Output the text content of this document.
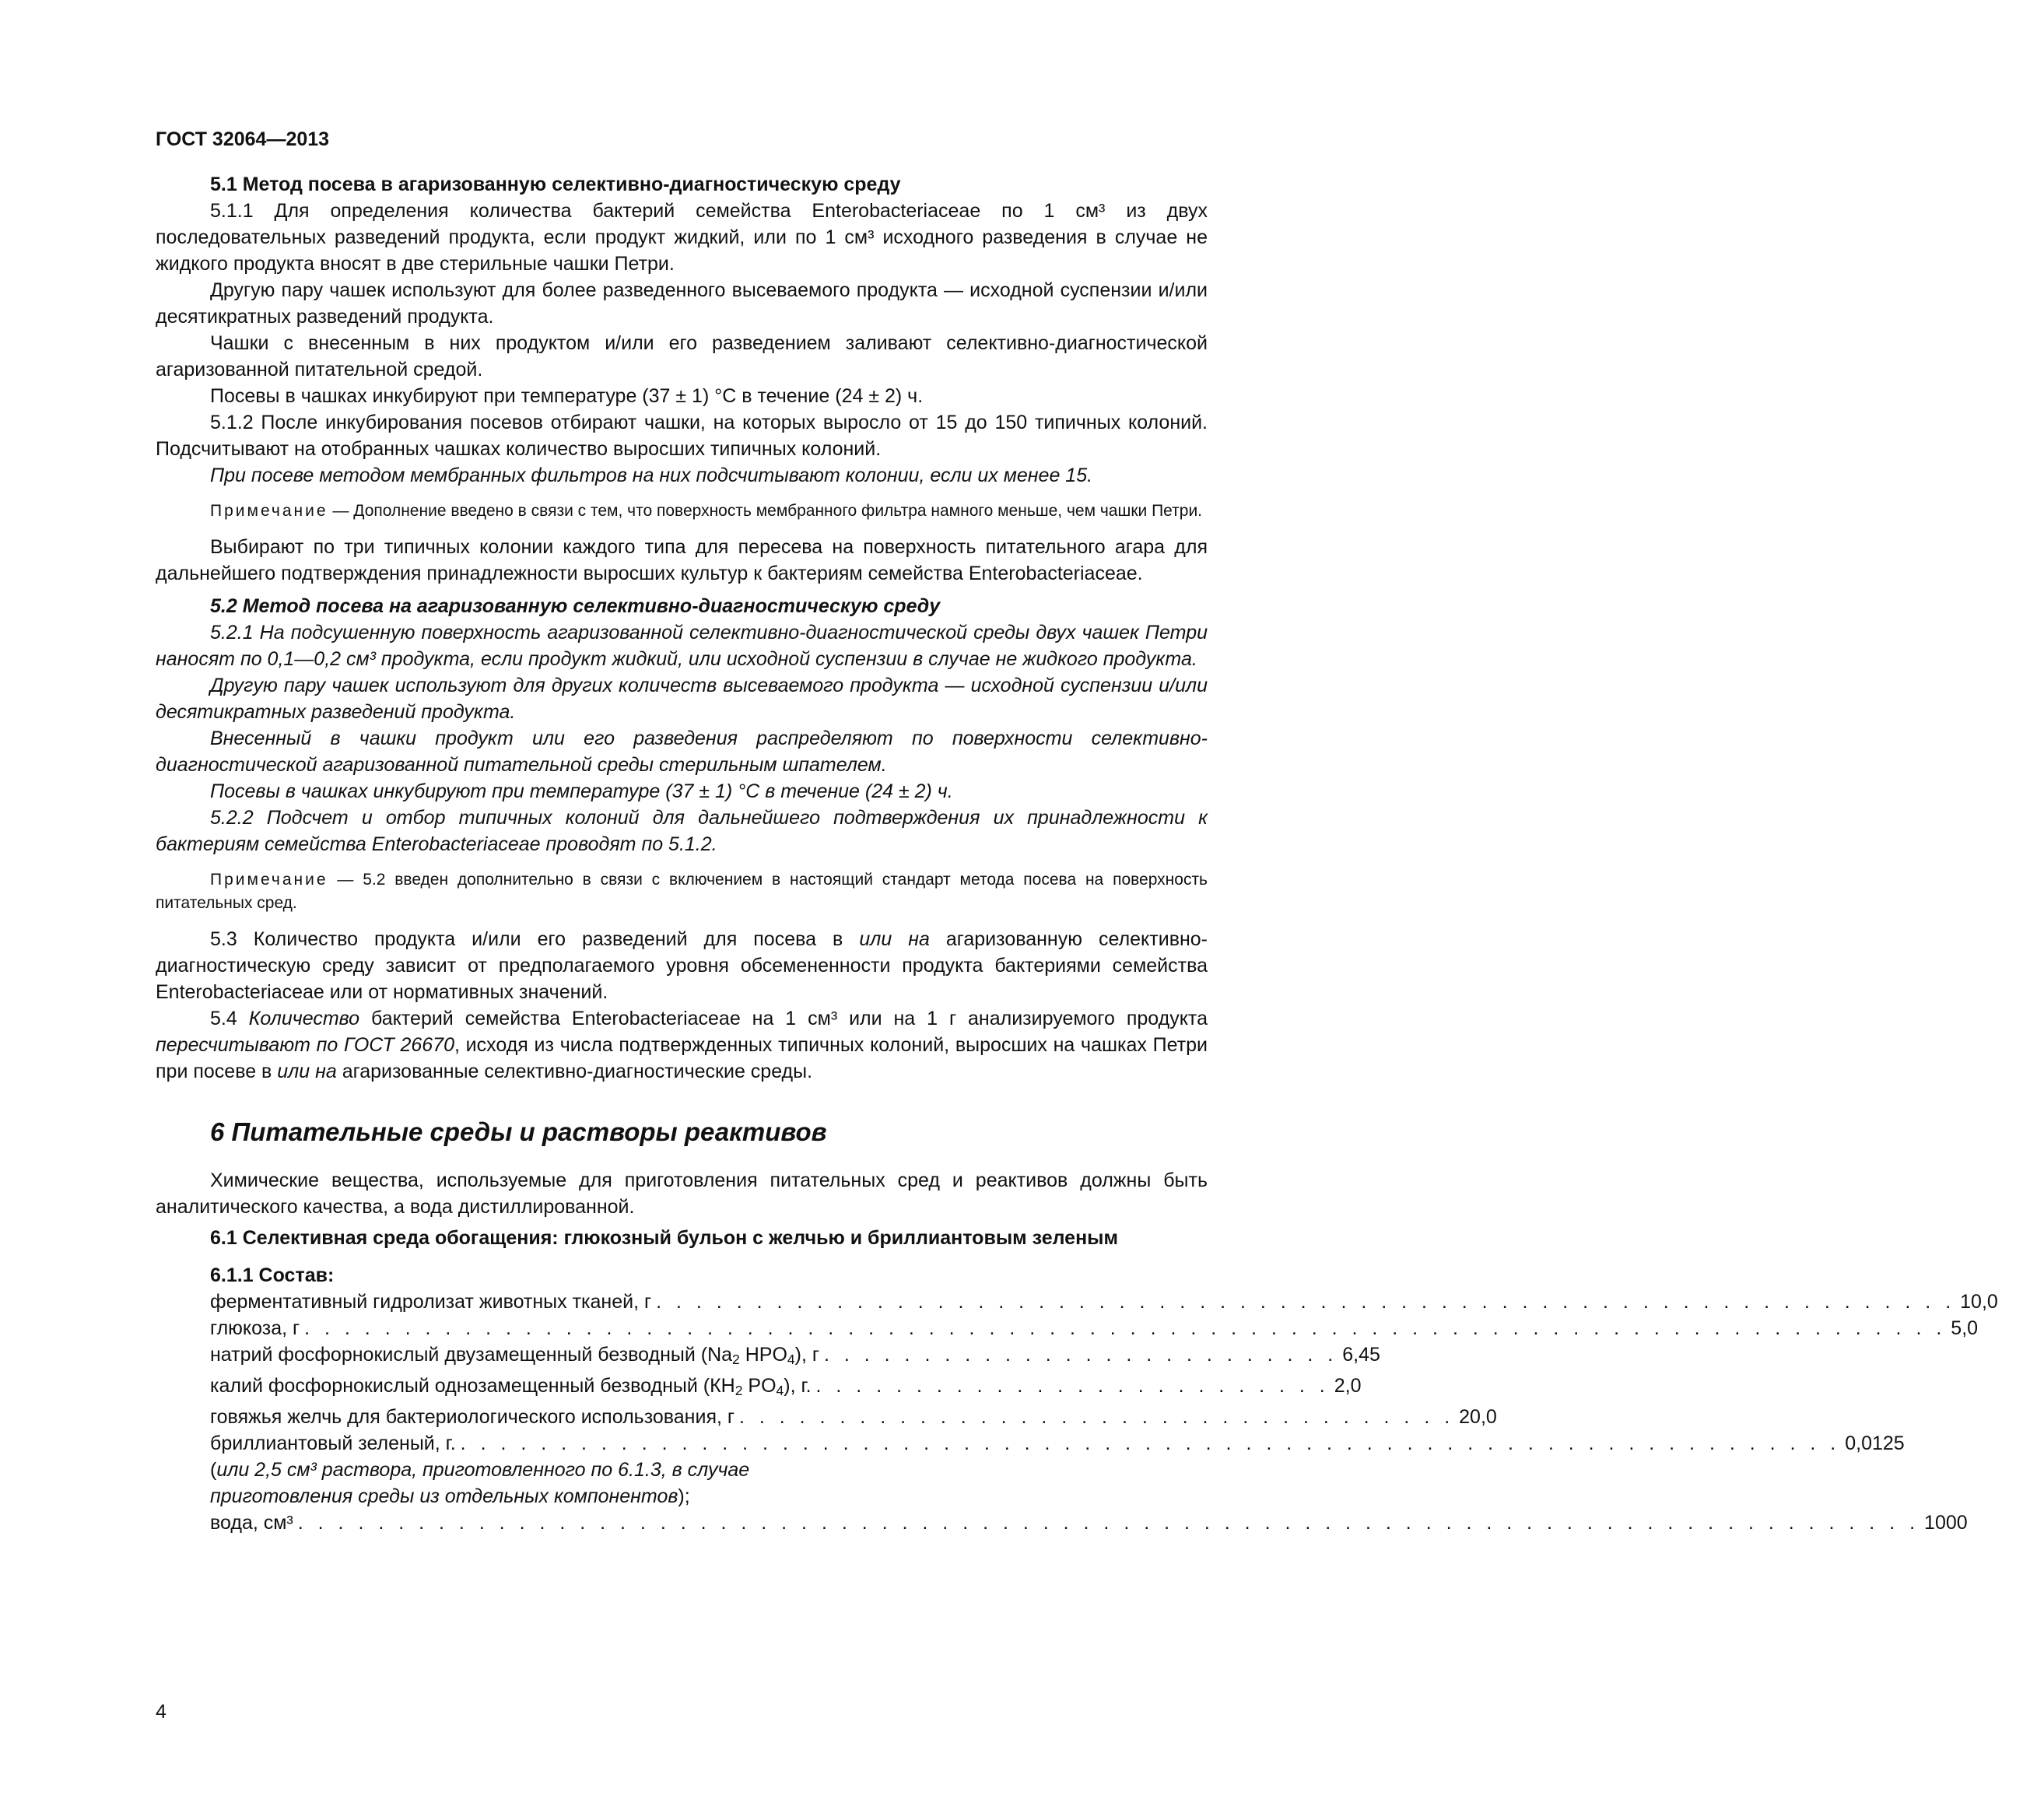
ГОСТ 32064—2013

5.1 Метод посева в агаризованную селективно-диагностическую среду

5.1.1 Для определения количества бактерий семейства Enterobacteriaceae по 1 см³ из двух последовательных разведений продукта, если продукт жидкий, или по 1 см³ исходного разведения в случае не жидкого продукта вносят в две стерильные чашки Петри.

Другую пару чашек используют для более разведенного высеваемого продукта — исходной суспензии и/или десятикратных разведений продукта.

Чашки с внесенным в них продуктом и/или его разведением заливают селективно-диагностической агаризованной питательной средой.

Посевы в чашках инкубируют при температуре (37 ± 1) °С в течение (24 ± 2) ч.

5.1.2 После инкубирования посевов отбирают чашки, на которых выросло от 15 до 150 типичных колоний. Подсчитывают на отобранных чашках количество выросших типичных колоний.

При посеве методом мембранных фильтров на них подсчитывают колонии, если их менее 15.

Примечание — Дополнение введено в связи с тем, что поверхность мембранного фильтра намного меньше, чем чашки Петри.

Выбирают по три типичных колонии каждого типа для пересева на поверхность питательного агара для дальнейшего подтверждения принадлежности выросших культур к бактериям семейства Enterobacteriaceae.

5.2 Метод посева на агаризованную селективно-диагностическую среду

5.2.1 На подсушенную поверхность агаризованной селективно-диагностической среды двух чашек Петри наносят по 0,1—0,2 см³ продукта, если продукт жидкий, или исходной суспензии в случае не жидкого продукта.

Другую пару чашек используют для других количеств высеваемого продукта — исходной суспензии и/или десятикратных разведений продукта.

Внесенный в чашки продукт или его разведения распределяют по поверхности селективно-диагностической агаризованной питательной среды стерильным шпателем.

Посевы в чашках инкубируют при температуре (37 ± 1) °С в течение (24 ± 2) ч.

5.2.2 Подсчет и отбор типичных колоний для дальнейшего подтверждения их принадлежности к бактериям семейства Enterobacteriaceae проводят по 5.1.2.

Примечание — 5.2 введен дополнительно в связи с включением в настоящий стандарт метода посева на поверхность питательных сред.

5.3 Количество продукта и/или его разведений для посева в или на агаризованную селективно-диагностическую среду зависит от предполагаемого уровня обсемененности продукта бактериями семейства Enterobacteriaceae или от нормативных значений.

5.4 Количество бактерий семейства Enterobacteriaceae на 1 см³ или на 1 г анализируемого продукта пересчитывают по ГОСТ 26670, исходя из числа подтвержденных типичных колоний, выросших на чашках Петри при посеве в или на агаризованные селективно-диагностические среды.

6 Питательные среды и растворы реактивов

Химические вещества, используемые для приготовления питательных сред и реактивов должны быть аналитического качества, а вода дистиллированной.

6.1 Селективная среда обогащения: глюкозный бульон с желчью и бриллиантовым зеленым

6.1.1 Состав:

ферментативный гидролизат животных тканей, г . . . . . . . . . . . . . . . . . . . . . . . . . . . . . . . . . . . . . . . . . . . . . . . . . . . . . . . . . . . . . . . . . 10,0
глюкоза, г . . . . . . . . . . . . . . . . . . . . . . . . . . . . . . . . . . . . . . . . . . . . . . . . . . . . . . . . . . . . . . . . . . . . . . . . . . . . . . . . . . 5,0
натрий фосфорнокислый двузамещенный безводный ($Na_2$ $HPO_4$), г . . . . . . . . . . . . . . . . . . . . . . . . . . 6,45
калий фосфорнокислый однозамещенный безводный ($КH_2$ $PO_4$), г. . . . . . . . . . . . . . . . . . . . . . . . . . . 2,0
говяжья желчь для бактериологического использования, г . . . . . . . . . . . . . . . . . . . . . . . . . . . . . . . . . . . . 20,0
бриллиантовый зеленый, г. . . . . . . . . . . . . . . . . . . . . . . . . . . . . . . . . . . . . . . . . . . . . . . . . . . . . . . . . . . . . . . . . . . . . . 0,0125
(или 2,5 см³ раствора, приготовленного по 6.1.3, в случае приготовления среды из отдельных компонентов);
вода, см³ . . . . . . . . . . . . . . . . . . . . . . . . . . . . . . . . . . . . . . . . . . . . . . . . . . . . . . . . . . . . . . . . . . . . . . . . . . . . . . . . . 1000
4
